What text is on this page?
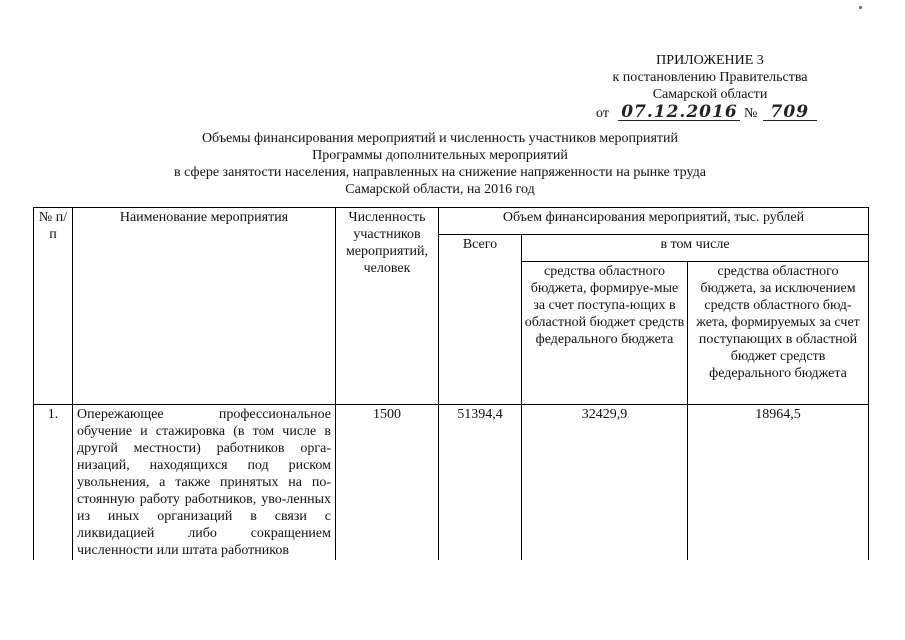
ПРИЛОЖЕНИЕ 3
к постановлению Правительства
Самарской области
от 07.12.2016 № 709
Объемы финансирования мероприятий и численность участников мероприятий
Программы дополнительных мероприятий
в сфере занятости населения, направленных на снижение напряженности на рынке труда
Самарской области, на 2016 год
№ п/п	Наименование мероприятия	Численность участников мероприятий, человек	Объем финансирования мероприятий, тыс. рублей		
			Всего	в том числе	
				средства областного бюджета, формируе-мые за счет поступа-ющих в областной бюджет средств федерального бюджета	средства областного бюджета, за исключением средств областного бюд-жета, формируемых за счет поступающих в областной бюджет средств федерального бюджета
1.	Опережающее профессиональное обучение и стажировка (в том числе в другой местности) работников орга-низаций, находящихся под риском увольнения, а также принятых на по-стоянную работу работников, уво-ленных из иных организаций в связи с ликвидацией либо сокращением численности или штата работников	1500	51394,4	32429,9	18964,5
